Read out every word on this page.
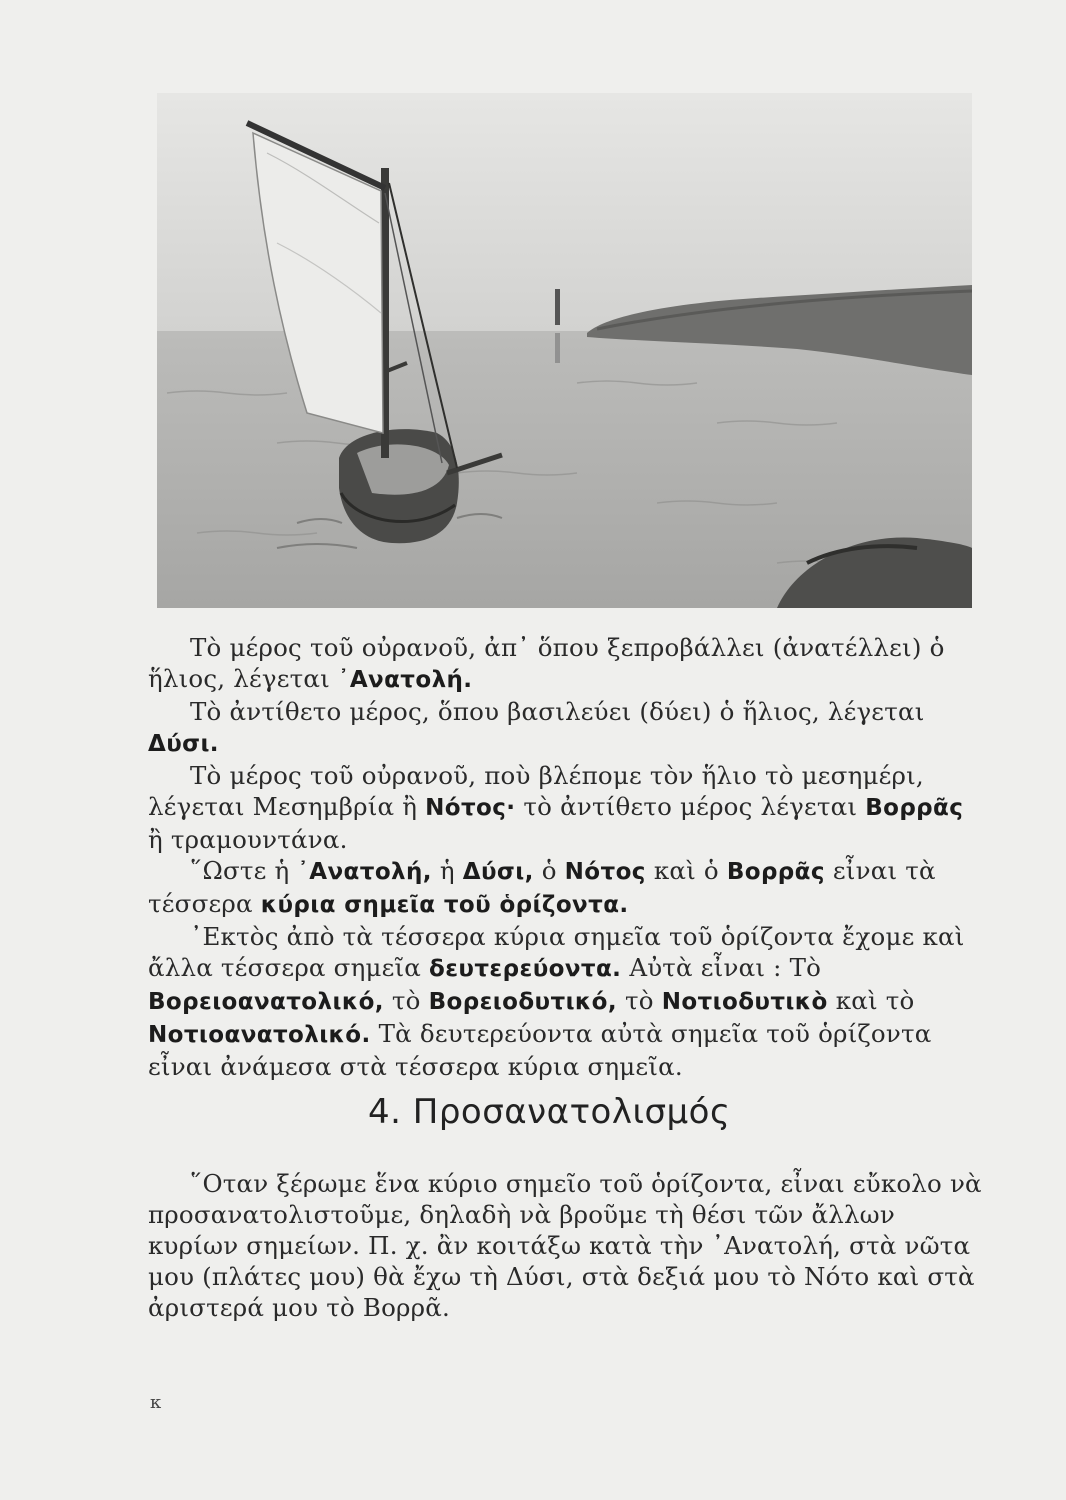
Τὸ μέρος τοῦ οὐρανοῦ, ἀπ᾽ ὅπου ξεπροβάλλει (ἀνατέλλει) ὁ ἥλιος, λέγεται ᾽Ανατολή.

Τὸ ἀντίθετο μέρος, ὅπου βασιλεύει (δύει) ὁ ἥλιος, λέγεται Δύσι.

Τὸ μέρος τοῦ οὐρανοῦ, ποὺ βλέπομε τὸν ἥλιο τὸ μεσημέρι, λέγεται Μεσημβρία ἢ Νότος· τὸ ἀντίθετο μέρος λέγεται Βορρᾶς ἢ τραμουντάνα.

῞Ωστε ἡ ᾽Ανατολή, ἡ Δύσι, ὁ Νότος καὶ ὁ Βορρᾶς εἶναι τὰ τέσσερα κύρια σημεῖα τοῦ ὁρίζοντα.

᾽Εκτὸς ἀπὸ τὰ τέσσερα κύρια σημεῖα τοῦ ὁρίζοντα ἔχομε καὶ ἄλλα τέσσερα σημεῖα δευτερεύοντα. Αὐτὰ εἶναι : Τὸ Βορειοανατολικό, τὸ Βορειοδυτικό, τὸ Νοτιοδυτικὸ καὶ τὸ Νοτιοανατολικό. Τὰ δευτερεύοντα αὐτὰ σημεῖα τοῦ ὁρίζοντα εἶναι ἀνάμεσα στὰ τέσσερα κύρια σημεῖα.

4. Προσανατολισμός

῞Οταν ξέρωμε ἕνα κύριο σημεῖο τοῦ ὁρίζοντα, εἶναι εὔκολο νὰ προσανατολιστοῦμε, δηλαδὴ νὰ βροῦμε τὴ θέσι τῶν ἄλλων κυρίων σημείων. Π. χ. ἂν κοιτάξω κατὰ τὴν ᾽Ανατολή, στὰ νῶτα μου (πλάτες μου) θὰ ἔχω τὴ Δύσι, στὰ δεξιά μου τὸ Νότο καὶ στὰ ἀριστερά μου τὸ Βορρᾶ.

κ
